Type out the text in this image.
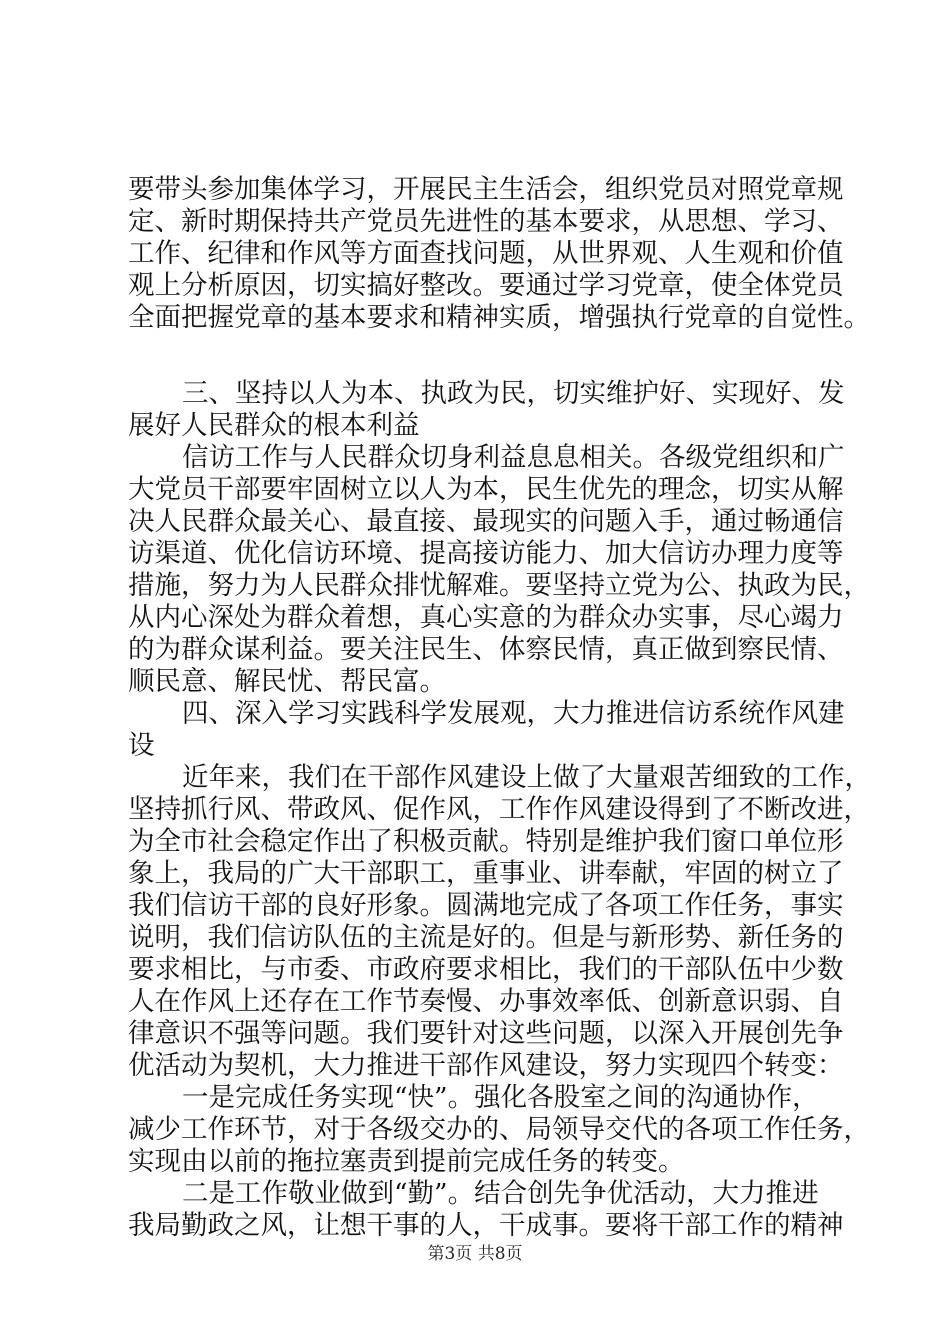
要带头参加集体学习，开展民主生活会，组织党员对照党章规
定、新时期保持共产党员先进性的基本要求，从思想、学习、
工作、纪律和作风等方面查找问题，从世界观、人生观和价值
观上分析原因，切实搞好整改。要通过学习党章，使全体党员
全面把握党章的基本要求和精神实质，增强执行党章的自觉性。
三、坚持以人为本、执政为民，切实维护好、实现好、发
展好人民群众的根本利益
信访工作与人民群众切身利益息息相关。各级党组织和广
大党员干部要牢固树立以人为本，民生优先的理念，切实从解
决人民群众最关心、最直接、最现实的问题入手，通过畅通信
访渠道、优化信访环境、提高接访能力、加大信访办理力度等
措施，努力为人民群众排忧解难。要坚持立党为公、执政为民，
从内心深处为群众着想，真心实意的为群众办实事，尽心竭力
的为群众谋利益。要关注民生、体察民情，真正做到察民情、
顺民意、解民忧、帮民富。
四、深入学习实践科学发展观，大力推进信访系统作风建
设
近年来，我们在干部作风建设上做了大量艰苦细致的工作，
坚持抓行风、带政风、促作风，工作作风建设得到了不断改进，
为全市社会稳定作出了积极贡献。特别是维护我们窗口单位形
象上，我局的广大干部职工，重事业、讲奉献，牢固的树立了
我们信访干部的良好形象。圆满地完成了各项工作任务，事实
说明，我们信访队伍的主流是好的。但是与新形势、新任务的
要求相比，与市委、市政府要求相比，我们的干部队伍中少数
人在作风上还存在工作节奏慢、办事效率低、创新意识弱、自
律意识不强等问题。我们要针对这些问题，以深入开展创先争
优活动为契机，大力推进干部作风建设，努力实现四个转变：
一是完成任务实现“快”。强化各股室之间的沟通协作，
减少工作环节，对于各级交办的、局领导交代的各项工作任务，
实现由以前的拖拉塞责到提前完成任务的转变。
二是工作敬业做到“勤”。结合创先争优活动，大力推进
我局勤政之风，让想干事的人，干成事。要将干部工作的精神
第3页 共8页
